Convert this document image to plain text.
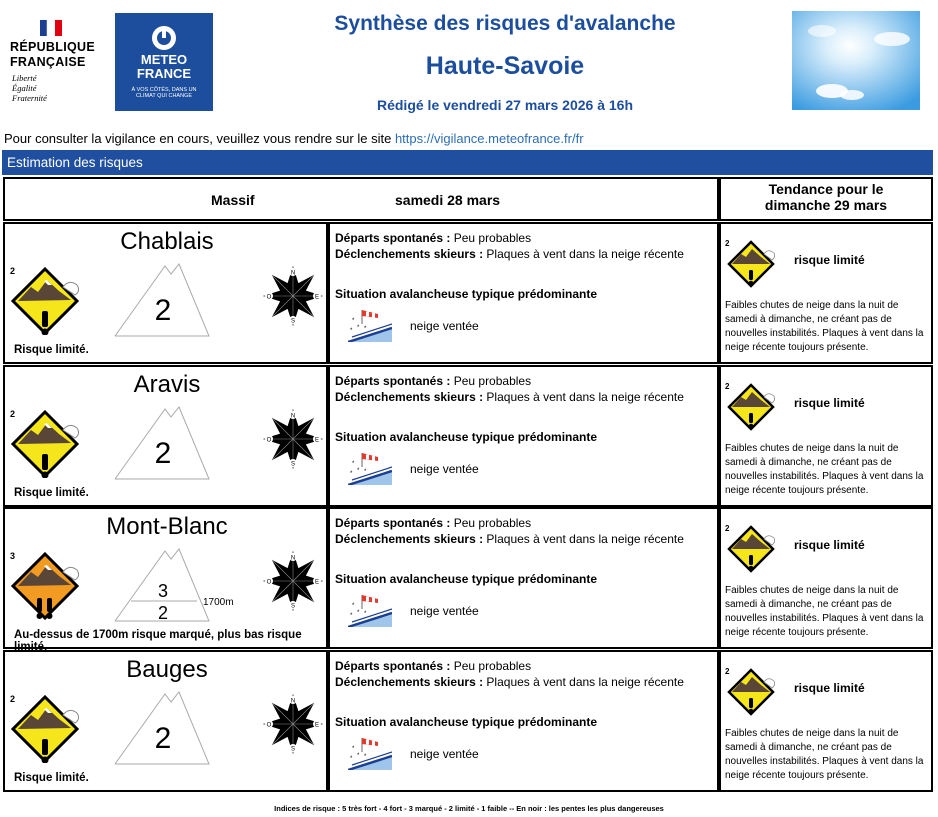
RÉPUBLIQUE
FRANÇAISE
Liberté
Égalité
Fraternité
METEO
FRANCE
À VOS CÔTÉS, DANS UN
CLIMAT QUI CHANGE
Synthèse des risques d'avalanche
Haute-Savoie
Rédigé le vendredi 27 mars 2026 à 16h
Pour consulter la vigilance en cours, veuillez vous rendre sur le site https://vigilance.meteofrance.fr/fr
Estimation des risques
Massif	samedi 28 mars
Tendance pour le
dimanche 29 mars
Chablais
2
Risque limité.
2
N
E
S
O
Départs spontanés : Peu probables
Déclenchements skieurs : Plaques à vent dans la neige récente
Situation avalancheuse typique prédominante
neige ventée
*
*
* *
2
risque limité
Faibles chutes de neige dans la nuit de samedi à dimanche, ne créant pas de nouvelles instabilités. Plaques à vent dans la neige récente toujours présente.
Aravis
2
Risque limité.
2
N
E
S
O
Départs spontanés : Peu probables
Déclenchements skieurs : Plaques à vent dans la neige récente
Situation avalancheuse typique prédominante
neige ventée
*
*
* *
2
risque limité
Faibles chutes de neige dans la nuit de samedi à dimanche, ne créant pas de nouvelles instabilités. Plaques à vent dans la neige récente toujours présente.
Mont-Blanc
3
Au-dessus de 1700m risque marqué, plus bas risque limité.
3
2
1700m
N
E
S
O
Départs spontanés : Peu probables
Déclenchements skieurs : Plaques à vent dans la neige récente
Situation avalancheuse typique prédominante
neige ventée
*
*
* *
2
risque limité
Faibles chutes de neige dans la nuit de samedi à dimanche, ne créant pas de nouvelles instabilités. Plaques à vent dans la neige récente toujours présente.
Bauges
2
Risque limité.
2
N
E
S
O
Départs spontanés : Peu probables
Déclenchements skieurs : Plaques à vent dans la neige récente
Situation avalancheuse typique prédominante
neige ventée
*
*
* *
2
risque limité
Faibles chutes de neige dans la nuit de samedi à dimanche, ne créant pas de nouvelles instabilités. Plaques à vent dans la neige récente toujours présente.
Indices de risque : 5 très fort - 4 fort - 3 marqué - 2 limité - 1 faible -- En noir : les pentes les plus dangereuses
